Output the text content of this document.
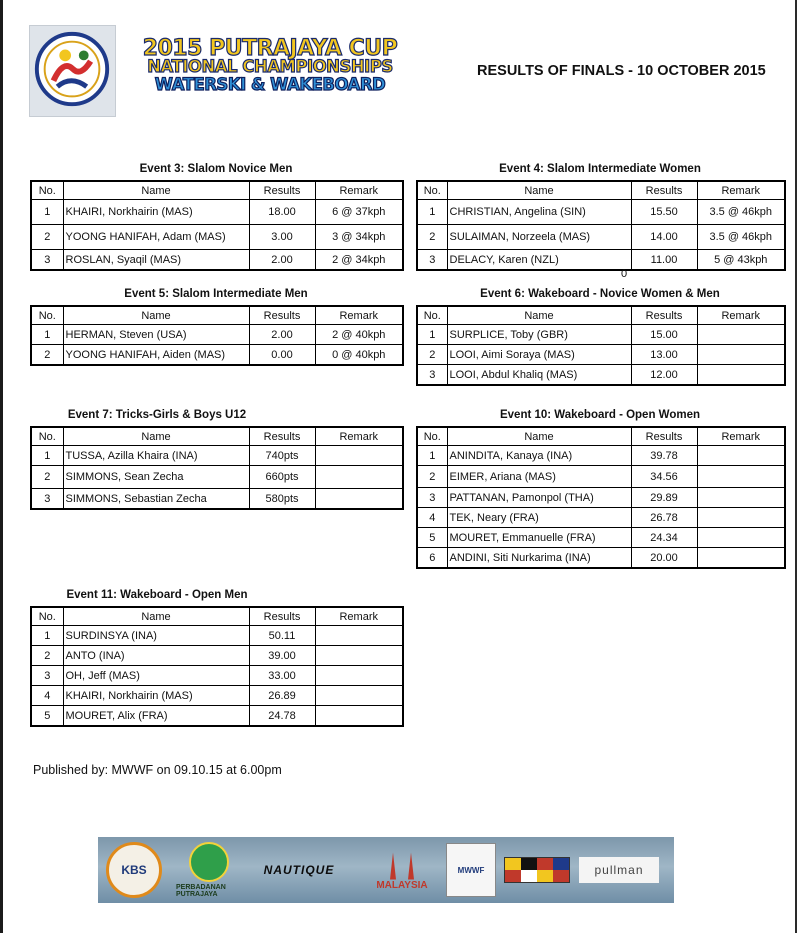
2015 PUTRAJAYA CUP
NATIONAL CHAMPIONSHIPS
WATERSKI & WAKEBOARD
RESULTS OF FINALS - 10 OCTOBER 2015
Event 3: Slalom Novice Men
No.	Name	Results	Remark
1	KHAIRI, Norkhairin (MAS)	18.00	6 @ 37kph
2	YOONG HANIFAH, Adam (MAS)	3.00	3 @ 34kph
3	ROSLAN, Syaqil (MAS)	2.00	2 @ 34kph
Event 4: Slalom Intermediate Women
No.	Name	Results	Remark
1	CHRISTIAN, Angelina (SIN)	15.50	3.5 @ 46kph
2	SULAIMAN, Norzeela (MAS)	14.00	3.5 @ 46kph
3	DELACY, Karen (NZL)	11.00	5 @ 43kph
0
Event 5: Slalom Intermediate Men
No.	Name	Results	Remark
1	HERMAN, Steven (USA)	2.00	2 @ 40kph
2	YOONG HANIFAH, Aiden (MAS)	0.00	0 @ 40kph
Event 6: Wakeboard - Novice Women & Men
No.	Name	Results	Remark
1	SURPLICE, Toby (GBR)	15.00	
2	LOOI, Aimi Soraya (MAS)	13.00	
3	LOOI, Abdul Khaliq (MAS)	12.00	
Event 7: Tricks-Girls & Boys U12
No.	Name	Results	Remark
1	TUSSA, Azilla Khaira (INA)	740pts	
2	SIMMONS, Sean Zecha	660pts	
3	SIMMONS, Sebastian Zecha	580pts	
Event 10: Wakeboard - Open Women
No.	Name	Results	Remark
1	ANINDITA, Kanaya (INA)	39.78	
2	EIMER, Ariana (MAS)	34.56	
3	PATTANAN, Pamonpol (THA)	29.89	
4	TEK, Neary (FRA)	26.78	
5	MOURET, Emmanuelle (FRA)	24.34	
6	ANDINI, Siti Nurkarima (INA)	20.00	
Event 11: Wakeboard - Open Men
No.	Name	Results	Remark
1	SURDINSYA (INA)	50.11	
2	ANTO (INA)	39.00	
3	OH, Jeff (MAS)	33.00	
4	KHAIRI, Norkhairin (MAS)	26.89	
5	MOURET, Alix (FRA)	24.78	
Published by: MWWF on 09.10.15 at 6.00pm
KBS
PERBADANAN PUTRAJAYA
NAUTIQUE
MALAYSIA
MWWF	pullman
